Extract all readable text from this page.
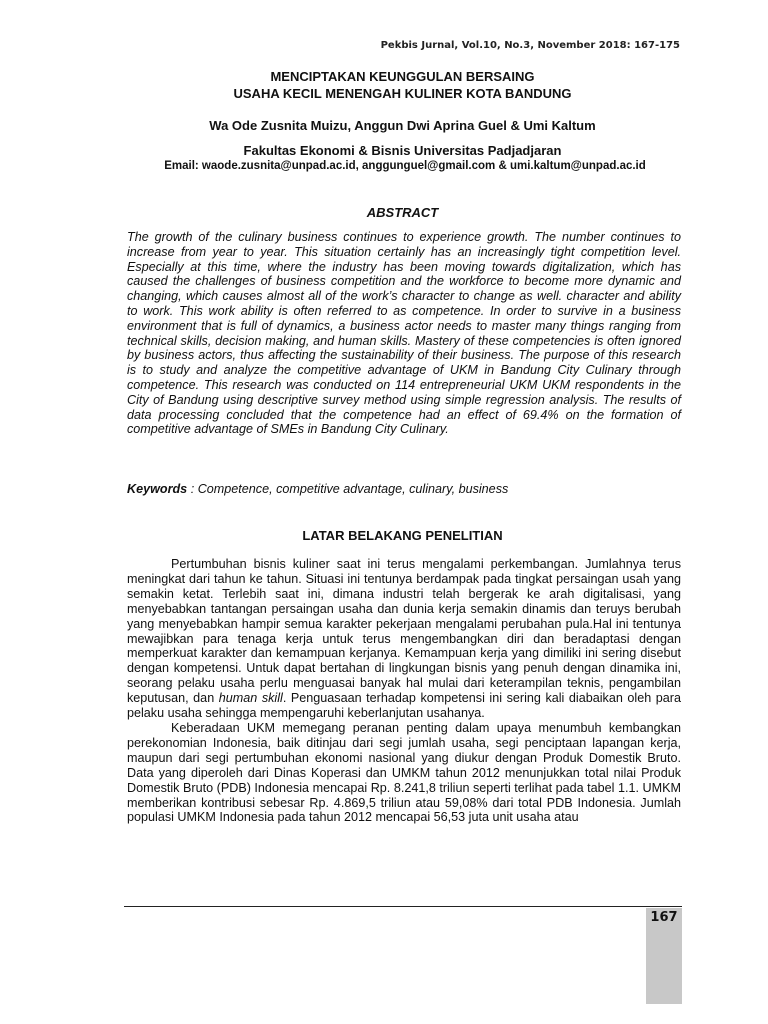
Pekbis Jurnal, Vol.10, No.3, November 2018: 167-175
MENCIPTAKAN KEUNGGULAN BERSAING
USAHA KECIL MENENGAH KULINER KOTA BANDUNG
Wa Ode Zusnita Muizu, Anggun Dwi Aprina Guel & Umi Kaltum
Fakultas Ekonomi & Bisnis Universitas Padjadjaran
Email: waode.zusnita@unpad.ac.id, anggunguel@gmail.com & umi.kaltum@unpad.ac.id
ABSTRACT

The growth of the culinary business continues to experience growth. The number continues to increase from year to year. This situation certainly has an increasingly tight competition level. Especially at this time, where the industry has been moving towards digitalization, which has caused the challenges of business competition and the workforce to become more dynamic and changing, which causes almost all of the work’s character to change as well. character and ability to work. This work ability is often referred to as competence. In order to survive in a business environment that is full of dynamics, a business actor needs to master many things ranging from technical skills, decision making, and human skills. Mastery of these competencies is often ignored by business actors, thus affecting the sustainability of their business. The purpose of this research is to study and analyze the competitive advantage of UKM in Bandung City Culinary through competence. This research was conducted on 114 entrepreneurial UKM UKM respondents in the City of Bandung using descriptive survey method using simple regression analysis. The results of data processing concluded that the competence had an effect of 69.4% on the formation of competitive advantage of SMEs in Bandung City Culinary.

Keywords : Competence, competitive advantage, culinary, business
LATAR BELAKANG PENELITIAN

Pertumbuhan bisnis kuliner saat ini terus mengalami perkembangan. Jumlahnya terus meningkat dari tahun ke tahun. Situasi ini tentunya berdampak pada tingkat persaingan usah yang semakin ketat. Terlebih saat ini, dimana industri telah bergerak ke arah digitalisasi, yang menyebabkan tantangan persaingan usaha dan dunia kerja semakin dinamis dan teruys berubah yang menyebabkan hampir semua karakter pekerjaan mengalami perubahan pula.Hal ini tentunya mewajibkan para tenaga kerja untuk terus mengembangkan diri dan beradaptasi dengan memperkuat karakter dan kemampuan kerjanya. Kemampuan kerja yang dimiliki ini sering disebut dengan kompetensi. Untuk dapat bertahan di lingkungan bisnis yang penuh dengan dinamika ini, seorang pelaku usaha perlu menguasai banyak hal mulai dari keterampilan teknis, pengambilan keputusan, dan human skill. Penguasaan terhadap kompetensi ini sering kali diabaikan oleh para pelaku usaha sehingga mempengaruhi keberlanjutan usahanya.

Keberadaan UKM memegang peranan penting dalam upaya menumbuh kembangkan perekonomian Indonesia, baik ditinjau dari segi jumlah usaha, segi penciptaan lapangan kerja, maupun dari segi pertumbuhan ekonomi nasional yang diukur dengan Produk Domestik Bruto. Data yang diperoleh dari Dinas Koperasi dan UMKM tahun 2012 menunjukkan total nilai Produk Domestik Bruto (PDB) Indonesia mencapai Rp. 8.241,8 triliun seperti terlihat pada tabel 1.1. UMKM memberikan kontribusi sebesar Rp. 4.869,5 triliun atau 59,08% dari total PDB Indonesia. Jumlah populasi UMKM Indonesia pada tahun 2012 mencapai 56,53 juta unit usaha atau

167
